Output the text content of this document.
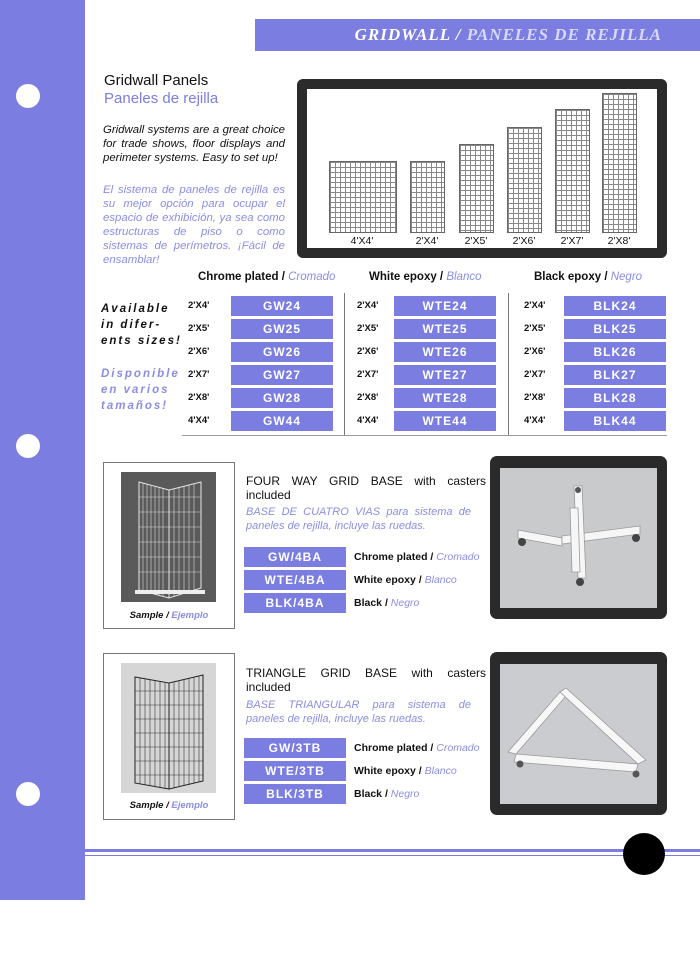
GRIDWALL / PANELES DE REJILLA
Gridwall Panels
Paneles de rejilla
Gridwall systems are a great choice for trade shows, floor displays and perimeter systems. Easy to set up!
El sistema de paneles de rejilla es su mejor opción para ocupar el espacio de exhibición, ya sea como estructuras de piso o como sistemas de perímetros. ¡Fácil de ensamblar!
4'X4'	2'X4'	2'X5'	2'X6'	2'X7'	2'X8'
Chrome plated / Cromado	White epoxy / Blanco	Black epoxy / Negro
Available
in difer-
ents sizes!
Disponible
en varios
tamaños!
2'X4'	GW24
2'X5'	GW25
2'X6'	GW26
2'X7'	GW27
2'X8'	GW28
4'X4'	GW44
2'X4'	WTE24
2'X5'	WTE25
2'X6'	WTE26
2'X7'	WTE27
2'X8'	WTE28
4'X4'	WTE44
2'X4'	BLK24
2'X5'	BLK25
2'X6'	BLK26
2'X7'	BLK27
2'X8'	BLK28
4'X4'	BLK44
Sample / Ejemplo
FOUR WAY GRID BASE with casters included
BASE DE CUATRO VIAS para sistema de paneles de rejilla, incluye las ruedas.
GW/4BA	Chrome plated / Cromado
WTE/4BA	White epoxy / Blanco
BLK/4BA	Black / Negro
Sample / Ejemplo
TRIANGLE GRID BASE with casters included
BASE TRIANGULAR para sistema de paneles de rejilla, incluye las ruedas.
GW/3TB	Chrome plated / Cromado
WTE/3TB	White epoxy / Blanco
BLK/3TB	Black / Negro
